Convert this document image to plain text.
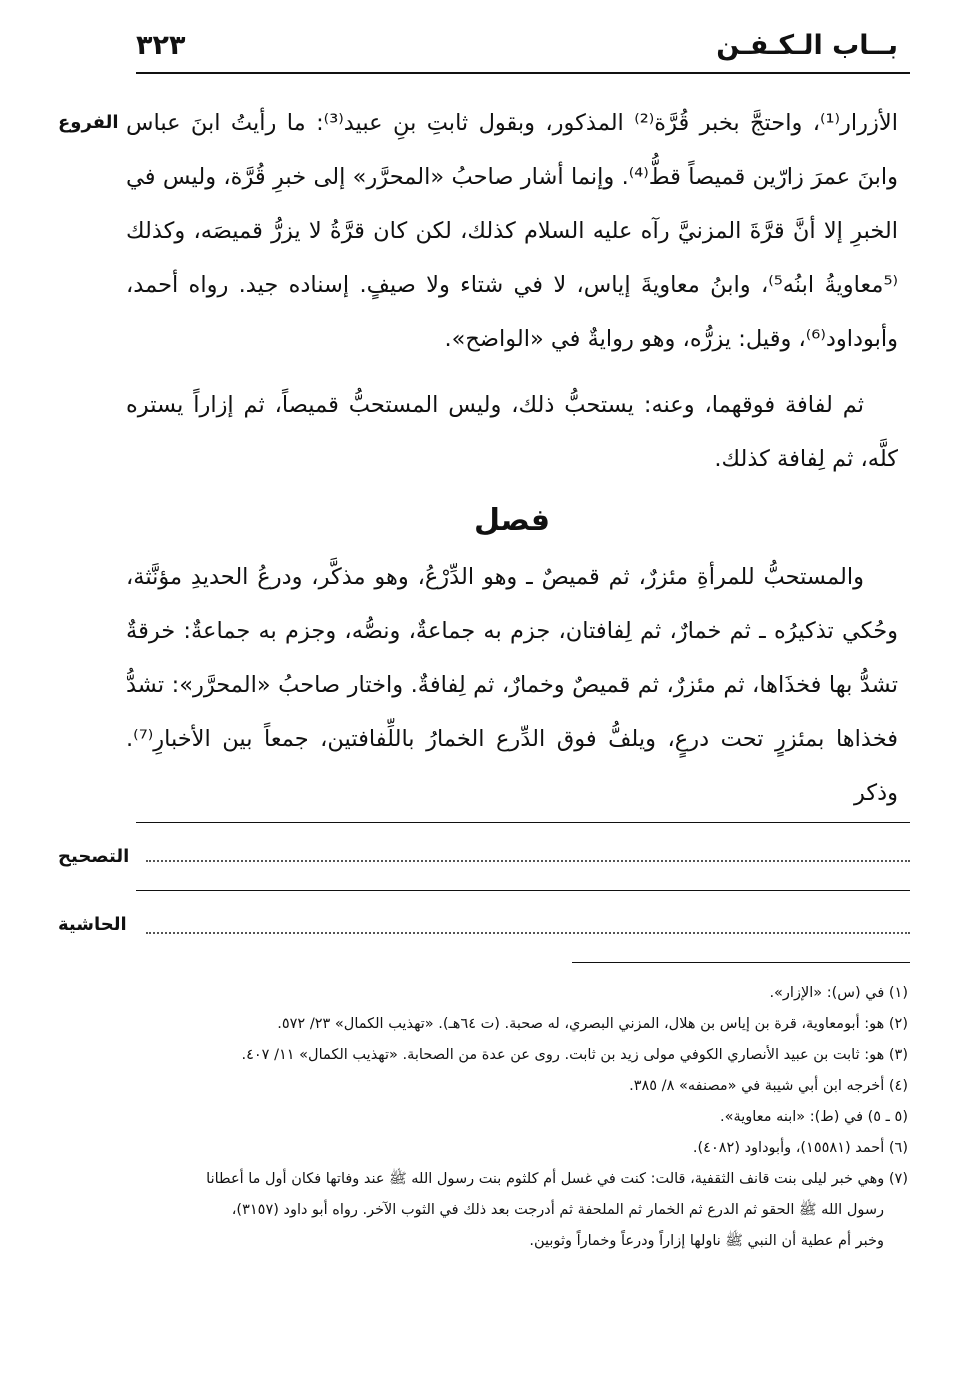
بــاب الـكـفـن
٣٢٣
الفروع الأزرار⁽¹⁾، واحتجَّ بخبر قُرَّة⁽²⁾ المذكور، وبقول ثابتِ بنِ عبيد⁽³⁾: ما رأيتُ ابنَ عباس وابنَ عمرَ زارّين قميصاً قطُّ⁽⁴⁾. وإنما أشار صاحبُ «المحرَّر» إلى خبرِ قُرَّة، وليس في الخبرِ إلا أنَّ قرَّةَ المزنيَّ رآه عليه السلام كذلك، لكن كان قرَّةُ لا يزرُّ قميصَه، وكذلك ⁽⁵معاويةُ ابنُه⁵⁾، وابنُ معاويةَ إياس، لا في شتاء ولا صيفٍ. إسناده جيد. رواه أحمد، وأبوداود⁽⁶⁾، وقيل: يزرُّه، وهو روايةٌ في «الواضح».

ثم لفافة فوقهما، وعنه: يستحبُّ ذلك، وليس المستحبُّ قميصاً، ثم إزاراً يستره كلَّه، ثم لِفافة كذلك.

فصل

والمستحبُّ للمرأةِ مئزرٌ، ثم قميصٌ ـ وهو الدِّرْعُ، وهو مذكَّر، ودرعُ الحديدِ مؤنَّثة، وحُكي تذكيرُه ـ ثم خمارٌ، ثم لِفافتان، جزم به جماعةٌ، ونصُّه، وجزم به جماعةٌ: خرقةٌ تشدُّ بها فخذَاها، ثم مئزرٌ، ثم قميصٌ وخمارٌ، ثم لِفافةٌ. واختار صاحبُ «المحرَّر»: تشدُّ فخذاها بمئزرٍ تحت درعٍ، ويلفُّ فوق الدِّرع الخمارُ باللِّفافتين، جمعاً بين الأخبارِ⁽⁷⁾. وذكر

التصحيح
الحاشية

(١) في (س): «الإزار».

(٢) هو: أبومعاوية، قرة بن إياس بن هلال، المزني البصري، له صحبة. (ت ٦٤هـ). «تهذيب الكمال» ٢٣/ ٥٧٢.

(٣) هو: ثابت بن عبيد الأنصاري الكوفي مولى زيد بن ثابت. روى عن عدة من الصحابة. «تهذيب الكمال» ١١/ ٤٠٧.

(٤) أخرجه ابن أبي شيبة في «مصنفه» ٨/ ٣٨٥.

(٥ ـ ٥) في (ط): «ابنه معاوية».

(٦) أحمد (١٥٥٨١)، وأبوداود (٤٠٨٢).

(٧) وهي خبر ليلى بنت قانف الثقفية، قالت: كنت في غسل أم كلثوم بنت رسول الله ﷺ عند وفاتها فكان أول ما أعطانا

رسول الله ﷺ الحقو ثم الدرع ثم الخمار ثم الملحفة ثم أدرجت بعد ذلك في الثوب الآخر. رواه أبو داود (٣١٥٧)،

وخبر أم عطية أن النبي ﷺ ناولها إزاراً ودرعاً وخماراً وثوبين.
